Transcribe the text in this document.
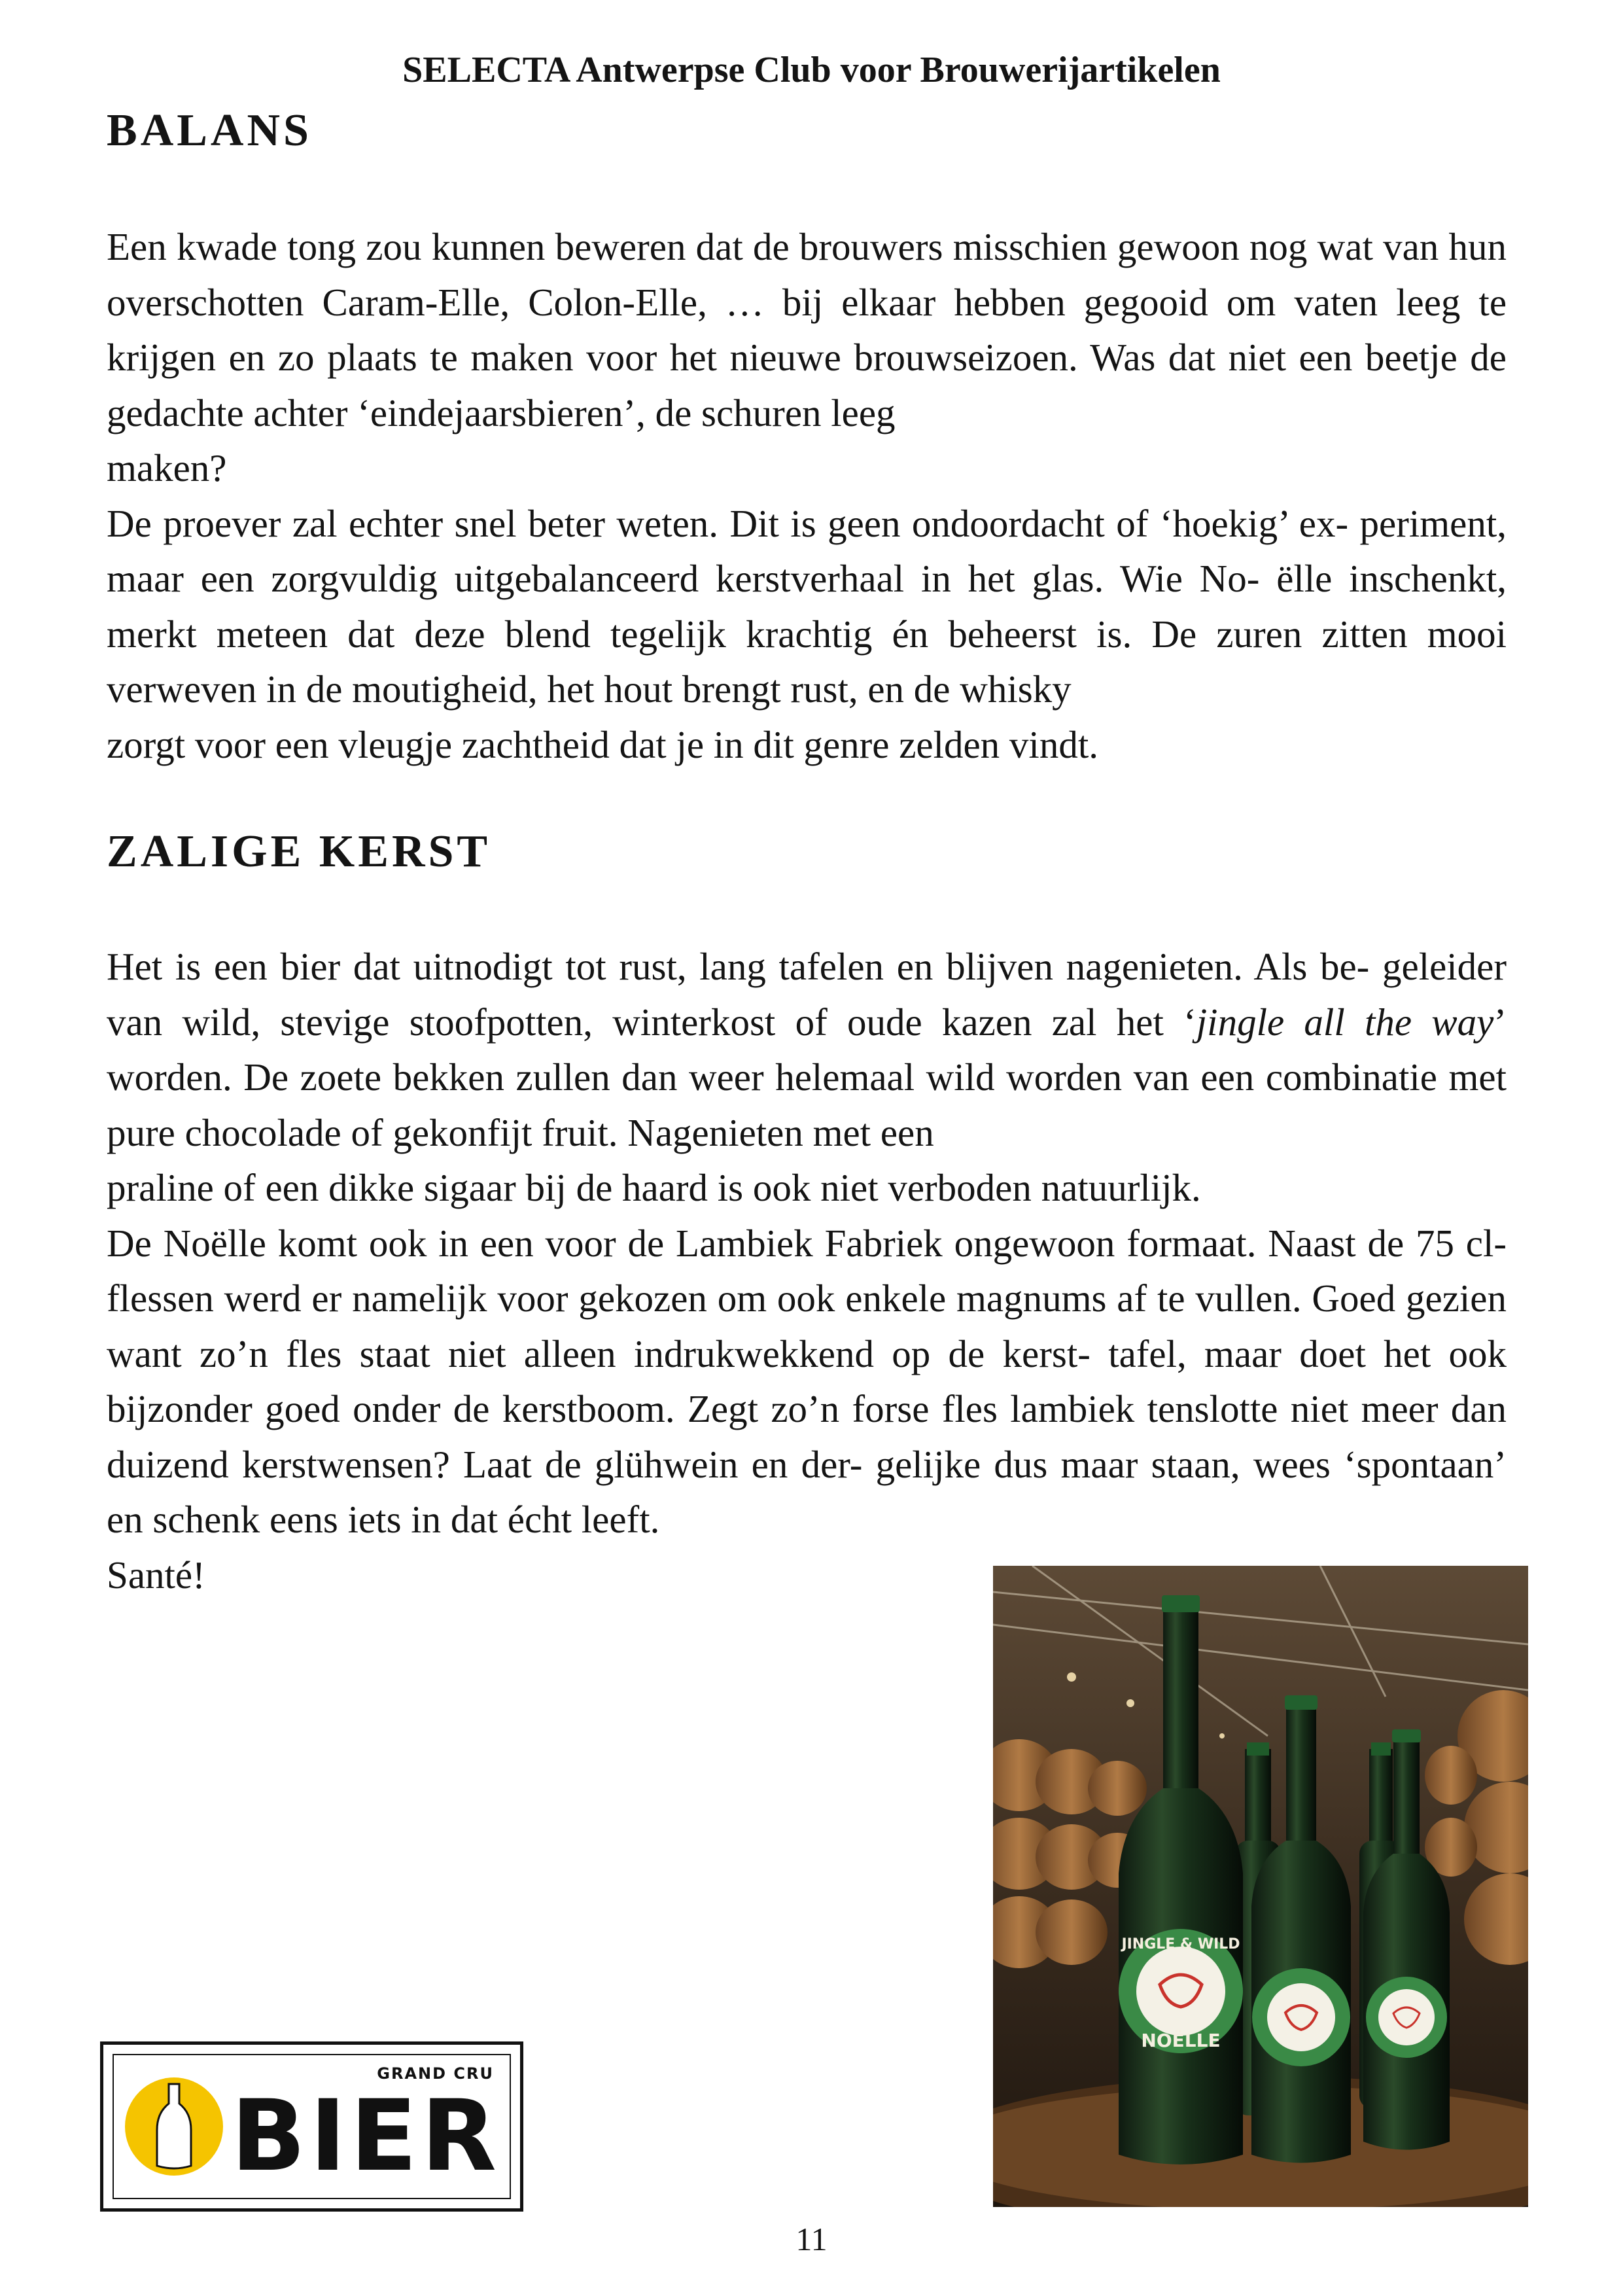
SELECTA Antwerpse Club voor Brouwerijartikelen
BALANS

Een kwade tong zou kunnen beweren dat de brouwers misschien gewoon nog wat van hun overschotten Caram-Elle, Colon-Elle, … bij elkaar hebben gegooid om vaten leeg te krijgen en zo plaats te maken voor het nieuwe brouwseizoen. Was dat niet een beetje de gedachte achter ‘eindejaarsbieren’, de schuren leeg

maken?

De proever zal echter snel beter weten. Dit is geen ondoordacht of ‘hoekig’ ex- periment, maar een zorgvuldig uitgebalanceerd kerstverhaal in het glas. Wie No- ëlle inschenkt, merkt meteen dat deze blend tegelijk krachtig én beheerst is. De zuren zitten mooi verweven in de moutigheid, het hout brengt rust, en de whisky

zorgt voor een vleugje zachtheid dat je in dit genre zelden vindt.

ZALIGE KERST

Het is een bier dat uitnodigt tot rust, lang tafelen en blijven nagenieten. Als be- geleider van wild, stevige stoofpotten, winterkost of oude kazen zal het ‘jingle all the way’ worden. De zoete bekken zullen dan weer helemaal wild worden van een combinatie met pure chocolade of gekonfijt fruit. Nagenieten met een

praline of een dikke sigaar bij de haard is ook niet verboden natuurlijk.

De Noëlle komt ook in een voor de Lambiek Fabriek ongewoon formaat. Naast de 75 cl-flessen werd er namelijk voor gekozen om ook enkele magnums af te vullen. Goed gezien want zo’n fles staat niet alleen indrukwekkend op de kerst- tafel, maar doet het ook bijzonder goed onder de kerstboom. Zegt zo’n forse fles lambiek tenslotte niet meer dan duizend kerstwensen? Laat de glühwein en der- gelijke dus maar staan, wees ‘spontaan’ en schenk eens iets in dat écht leeft.

Santé!

JINGLE & WILD
NOËLLE
GRAND CRU
BIER
11
